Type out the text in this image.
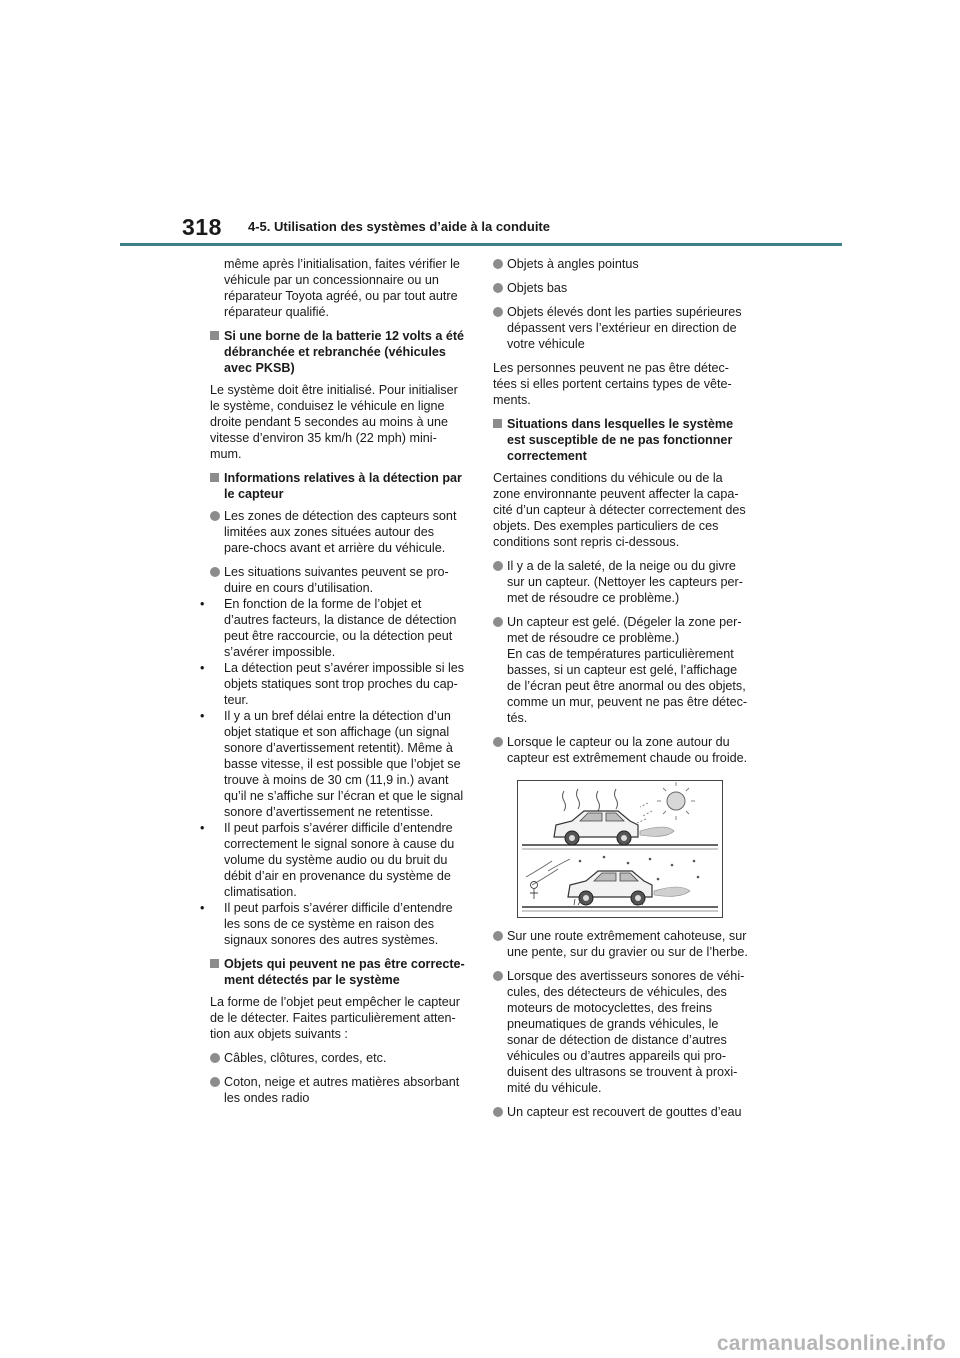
318 4-5. Utilisation des systèmes d’aide à la conduite

même après l’initialisation, faites vérifier le
véhicule par un concessionnaire ou un
réparateur Toyota agréé, ou par tout autre
réparateur qualifié.

Si une borne de la batterie 12 volts a été
débranchée et rebranchée (véhicules
avec PKSB)

Le système doit être initialisé. Pour initialiser
le système, conduisez le véhicule en ligne
droite pendant 5 secondes au moins à une
vitesse d’environ 35 km/h (22 mph) mini-
mum.

Informations relatives à la détection par
le capteur

Les zones de détection des capteurs sont
limitées aux zones situées autour des
pare-chocs avant et arrière du véhicule.

Les situations suivantes peuvent se pro-
duire en cours d’utilisation.

• En fonction de la forme de l’objet et
d’autres facteurs, la distance de détection
peut être raccourcie, ou la détection peut
s’avérer impossible.

• La détection peut s’avérer impossible si les
objets statiques sont trop proches du cap-
teur.

• Il y a un bref délai entre la détection d’un
objet statique et son affichage (un signal
sonore d’avertissement retentit). Même à
basse vitesse, il est possible que l’objet se
trouve à moins de 30 cm (11,9 in.) avant
qu’il ne s’affiche sur l’écran et que le signal
sonore d’avertissement ne retentisse.

• Il peut parfois s’avérer difficile d’entendre
correctement le signal sonore à cause du
volume du système audio ou du bruit du
débit d’air en provenance du système de
climatisation.

• Il peut parfois s’avérer difficile d’entendre
les sons de ce système en raison des
signaux sonores des autres systèmes.

Objets qui peuvent ne pas être correcte-
ment détectés par le système

La forme de l’objet peut empêcher le capteur
de le détecter. Faites particulièrement atten-
tion aux objets suivants :

Câbles, clôtures, cordes, etc.

Coton, neige et autres matières absorbant
les ondes radio

Objets à angles pointus

Objets bas

Objets élevés dont les parties supérieures
dépassent vers l’extérieur en direction de
votre véhicule

Les personnes peuvent ne pas être détec-
tées si elles portent certains types de vête-
ments.

Situations dans lesquelles le système
est susceptible de ne pas fonctionner
correctement

Certaines conditions du véhicule ou de la
zone environnante peuvent affecter la capa-
cité d’un capteur à détecter correctement des
objets. Des exemples particuliers de ces
conditions sont repris ci-dessous.

Il y a de la saleté, de la neige ou du givre
sur un capteur. (Nettoyer les capteurs per-
met de résoudre ce problème.)

Un capteur est gelé. (Dégeler la zone per-
met de résoudre ce problème.)
En cas de températures particulièrement
basses, si un capteur est gelé, l’affichage
de l’écran peut être anormal ou des objets,
comme un mur, peuvent ne pas être détec-
tés.

Lorsque le capteur ou la zone autour du
capteur est extrêmement chaude ou froide.

Sur une route extrêmement cahoteuse, sur
une pente, sur du gravier ou sur de l’herbe.

Lorsque des avertisseurs sonores de véhi-
cules, des détecteurs de véhicules, des
moteurs de motocyclettes, des freins
pneumatiques de grands véhicules, le
sonar de détection de distance d’autres
véhicules ou d’autres appareils qui pro-
duisent des ultrasons se trouvent à proxi-
mité du véhicule.

Un capteur est recouvert de gouttes d’eau

carmanualsonline.info
